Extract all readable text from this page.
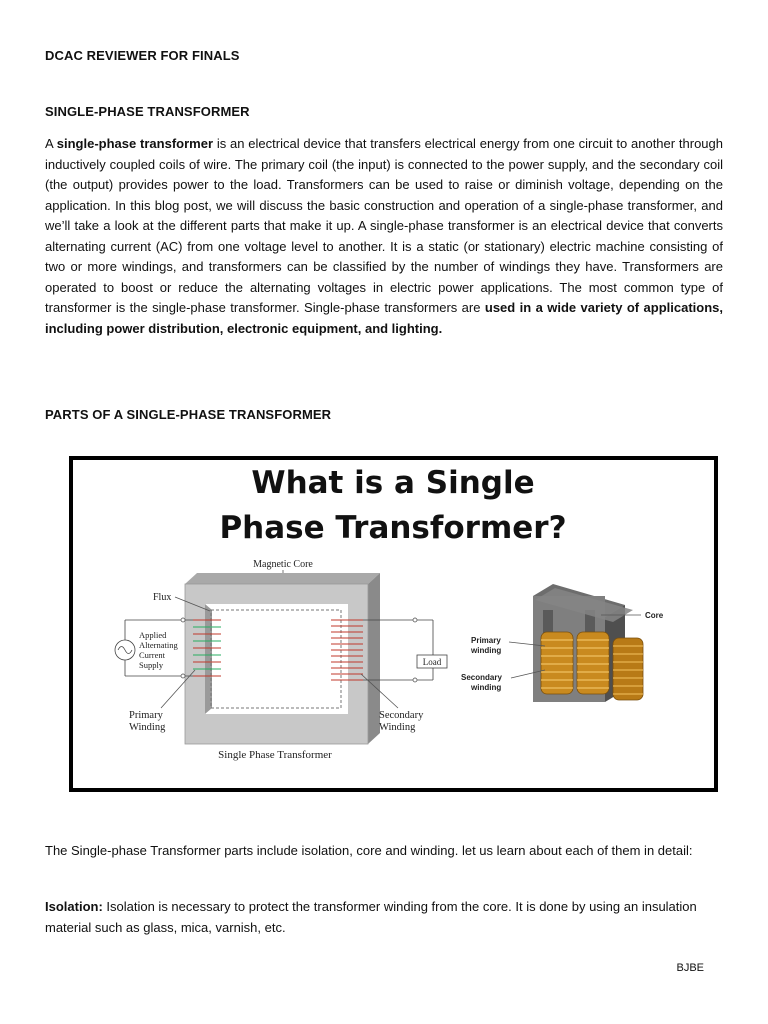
DCAC REVIEWER FOR FINALS

SINGLE-PHASE TRANSFORMER

A single-phase transformer is an electrical device that transfers electrical energy from one circuit to another through inductively coupled coils of wire. The primary coil (the input) is connected to the power supply, and the secondary coil (the output) provides power to the load. Transformers can be used to raise or diminish voltage, depending on the application. In this blog post, we will discuss the basic construction and operation of a single-phase transformer, and we’ll take a look at the different parts that make it up. A single-phase transformer is an electrical device that converts alternating current (AC) from one voltage level to another. It is a static (or stationary) electric machine consisting of two or more windings, and transformers can be classified by the number of windings they have. Transformers are operated to boost or reduce the alternating voltages in electric power applications. The most common type of transformer is the single-phase transformer. Single-phase transformers are used in a wide variety of applications, including power distribution, electronic equipment, and lighting.

PARTS OF A SINGLE-PHASE TRANSFORMER

What is a Single
Phase Transformer?
Magnetic Core
Flux
Applied
Alternating
Current
Supply	Load
Primary
Winding
Secondary
Winding
Single Phase Transformer
Core
Primary
winding
Secondary
winding

The Single-phase Transformer parts include isolation, core and winding. let us learn about each of them in detail:

Isolation: Isolation is necessary to protect the transformer winding from the core. It is done by using an insulation material such as glass, mica, varnish, etc.

BJBE
